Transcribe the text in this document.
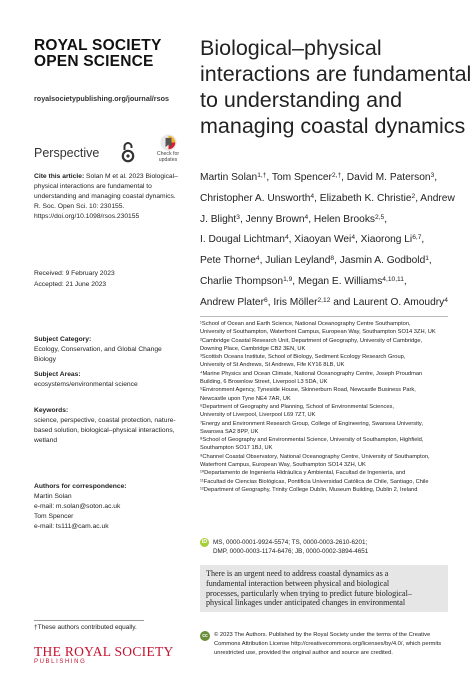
ROYAL SOCIETY
OPEN SCIENCE
royalsocietypublishing.org/journal/rsos
Perspective	Check for
updates
Cite this article: Solan M et al. 2023 Biological–physical interactions are fundamental to understanding and managing coastal dynamics. R. Soc. Open Sci. 10: 230155. https://doi.org/10.1098/rsos.230155
Received: 9 February 2023
Accepted: 21 June 2023
Subject Category:
Ecology, Conservation, and Global Change Biology
Subject Areas:
ecosystems/environmental science
Keywords:
science, perspective, coastal protection, nature-based solution, biological–physical interactions, wetland
Authors for correspondence:
Martin Solan
e-mail: m.solan@soton.ac.uk
Tom Spencer
e-mail: ts111@cam.ac.uk
†These authors contributed equally.
THE ROYAL SOCIETY
PUBLISHING
Biological–physical
interactions are fundamental
to understanding and
managing coastal dynamics
Martin Solan$^{1,\dagger}$, Tom Spencer$^{2,\dagger}$, David M. Paterson$^3$,
Christopher A. Unsworth$^4$, Elizabeth K. Christie$^2$, Andrew
J. Blight$^3$, Jenny Brown$^4$, Helen Brooks$^{2,5}$,
I. Dougal Lichtman$^4$, Xiaoyan Wei$^4$, Xiaorong Li$^{6,7}$,
Pete Thorne$^4$, Julian Leyland$^8$, Jasmin A. Godbold$^1$,
Charlie Thompson$^{1,9}$, Megan E. Williams$^{4,10,11}$,
Andrew Plater$^6$, Iris Möller$^{2,12}$ and Laurent O. Amoudry$^4$
¹School of Ocean and Earth Science, National Oceanography Centre Southampton,
University of Southampton, Waterfront Campus, European Way, Southampton SO14 3ZH, UK
²Cambridge Coastal Research Unit, Department of Geography, University of Cambridge,
Downing Place, Cambridge CB2 3EN, UK
³Scottish Oceans Institute, School of Biology, Sediment Ecology Research Group,
University of St Andrews, St Andrews, Fife KY16 8LB, UK
⁴Marine Physics and Ocean Climate, National Oceanography Centre, Joseph Proudman
Building, 6 Brownlow Street, Liverpool L3 5DA, UK
⁵Environment Agency, Tyneside House, Skinnerburn Road, Newcastle Business Park,
Newcastle upon Tyne NE4 7AR, UK
⁶Department of Geography and Planning, School of Environmental Sciences,
University of Liverpool, Liverpool L69 7ZT, UK
⁷Energy and Environment Research Group, College of Engineering, Swansea University,
Swansea SA2 8PP, UK
⁸School of Geography and Environmental Science, University of Southampton, Highfield,
Southampton SO17 1BJ, UK
⁹Channel Coastal Observatory, National Oceanography Centre, University of Southampton,
Waterfront Campus, European Way, Southampton SO14 3ZH, UK
¹⁰Departamento de Ingeniería Hidráulica y Ambiental, Facultad de Ingeniería, and
¹¹Facultad de Ciencias Biológicas, Pontificia Universidad Católica de Chile, Santiago, Chile
¹²Department of Geography, Trinity College Dublin, Museum Building, Dublin 2, Ireland
iD MS, 0000-0001-9924-5574; TS, 0000-0003-2610-6201;
DMP, 0000-0003-1174-6476; JB, 0000-0002-3894-4651
There is an urgent need to address coastal dynamics as a
fundamental interaction between physical and biological
processes, particularly when trying to predict future biological–
physical linkages under anticipated changes in environmental
cc	© 2023 The Authors. Published by the Royal Society under the terms of the Creative
Commons Attribution License http://creativecommons.org/licenses/by/4.0/, which permits
unrestricted use, provided the original author and source are credited.
